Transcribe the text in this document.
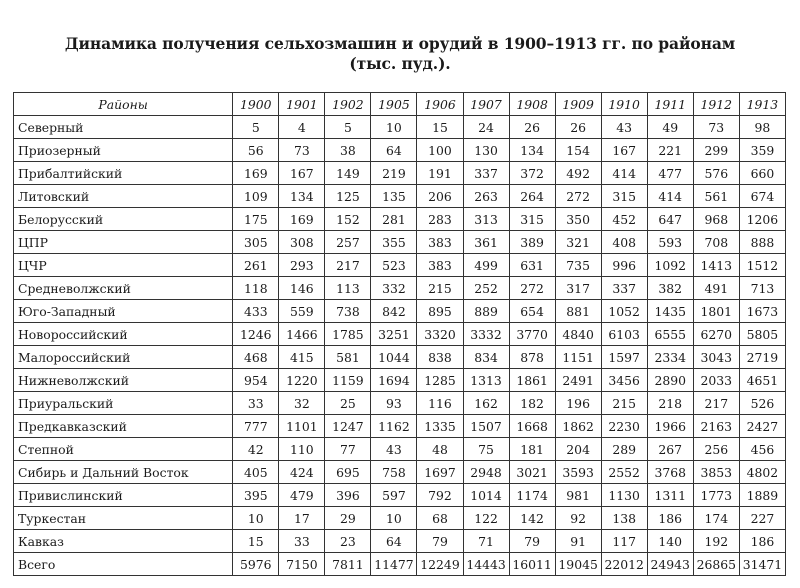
Динамика получения сельхозмашин и орудий в 1900–1913 гг. по районам
(тыс. пуд.).
Районы	1900	1901	1902	1905	1906	1907	1908	1909	1910	1911	1912	1913
Северный	5	4	5	10	15	24	26	26	43	49	73	98
Приозерный	56	73	38	64	100	130	134	154	167	221	299	359
Прибалтийский	169	167	149	219	191	337	372	492	414	477	576	660
Литовский	109	134	125	135	206	263	264	272	315	414	561	674
Белорусский	175	169	152	281	283	313	315	350	452	647	968	1206
ЦПР	305	308	257	355	383	361	389	321	408	593	708	888
ЦЧР	261	293	217	523	383	499	631	735	996	1092	1413	1512
Средневолжский	118	146	113	332	215	252	272	317	337	382	491	713
Юго-Западный	433	559	738	842	895	889	654	881	1052	1435	1801	1673
Новороссийский	1246	1466	1785	3251	3320	3332	3770	4840	6103	6555	6270	5805
Малороссийский	468	415	581	1044	838	834	878	1151	1597	2334	3043	2719
Нижневолжский	954	1220	1159	1694	1285	1313	1861	2491	3456	2890	2033	4651
Приуральский	33	32	25	93	116	162	182	196	215	218	217	526
Предкавказский	777	1101	1247	1162	1335	1507	1668	1862	2230	1966	2163	2427
Степной	42	110	77	43	48	75	181	204	289	267	256	456
Сибирь и Дальний Восток	405	424	695	758	1697	2948	3021	3593	2552	3768	3853	4802
Привислинский	395	479	396	597	792	1014	1174	981	1130	1311	1773	1889
Туркестан	10	17	29	10	68	122	142	92	138	186	174	227
Кавказ	15	33	23	64	79	71	79	91	117	140	192	186
Всего	5976	7150	7811	11477	12249	14443	16011	19045	22012	24943	26865	31471
